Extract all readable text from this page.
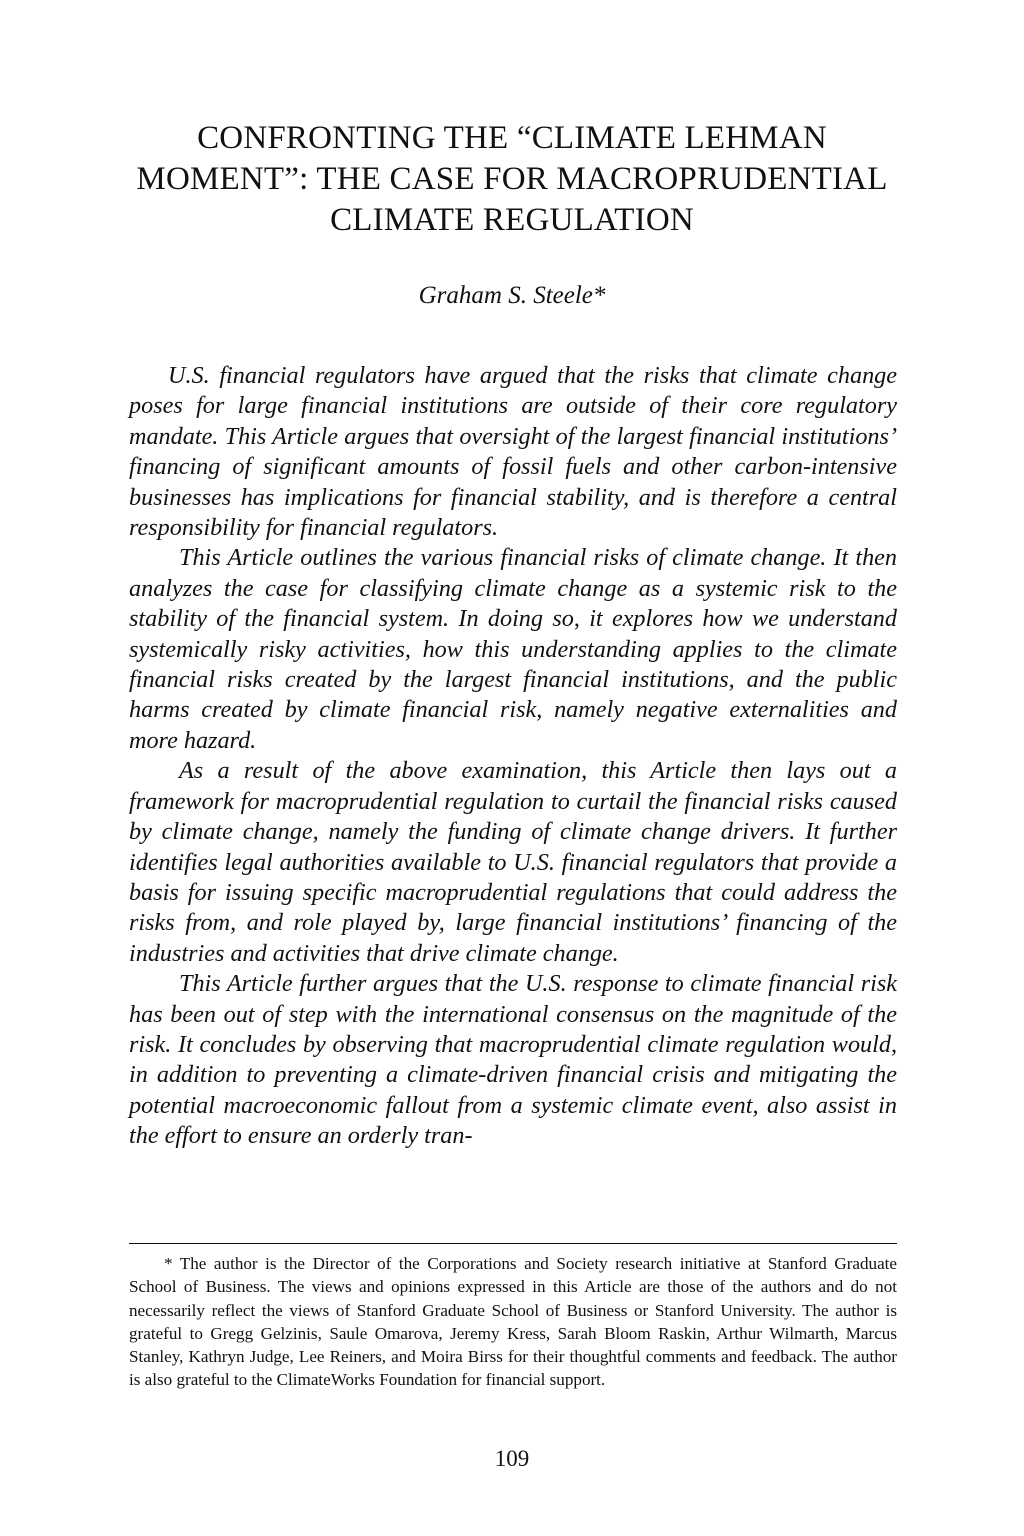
CONFRONTING THE “CLIMATE LEHMAN
MOMENT”: THE CASE FOR MACROPRUDENTIAL
CLIMATE REGULATION
Graham S. Steele*

U.S. financial regulators have argued that the risks that climate change poses for large financial institutions are outside of their core regulatory mandate. This Article argues that oversight of the largest financial institutions’ financing of significant amounts of fossil fuels and other carbon-intensive businesses has implications for financial stability, and is therefore a central responsibility for financial regulators.

This Article outlines the various financial risks of climate change. It then analyzes the case for classifying climate change as a systemic risk to the stability of the financial system. In doing so, it explores how we understand systemically risky activities, how this understanding applies to the climate financial risks created by the largest financial institutions, and the public harms created by climate financial risk, namely negative externalities and more hazard.

As a result of the above examination, this Article then lays out a framework for macroprudential regulation to curtail the financial risks caused by climate change, namely the funding of climate change drivers. It further identifies legal authorities available to U.S. financial regulators that provide a basis for issuing specific macroprudential regulations that could address the risks from, and role played by, large financial institutions’ financing of the industries and activities that drive climate change.

This Article further argues that the U.S. response to climate financial risk has been out of step with the international consensus on the magnitude of the risk. It concludes by observing that macroprudential climate regulation would, in addition to preventing a climate-driven financial crisis and mitigating the potential macroeconomic fallout from a systemic climate event, also assist in the effort to ensure an orderly tran-

* The author is the Director of the Corporations and Society research initiative at Stanford Graduate School of Business. The views and opinions expressed in this Article are those of the authors and do not necessarily reflect the views of Stanford Graduate School of Business or Stanford University. The author is grateful to Gregg Gelzinis, Saule Omarova, Jeremy Kress, Sarah Bloom Raskin, Arthur Wilmarth, Marcus Stanley, Kathryn Judge, Lee Reiners, and Moira Birss for their thoughtful comments and feedback. The author is also grateful to the ClimateWorks Foundation for financial support.

109
